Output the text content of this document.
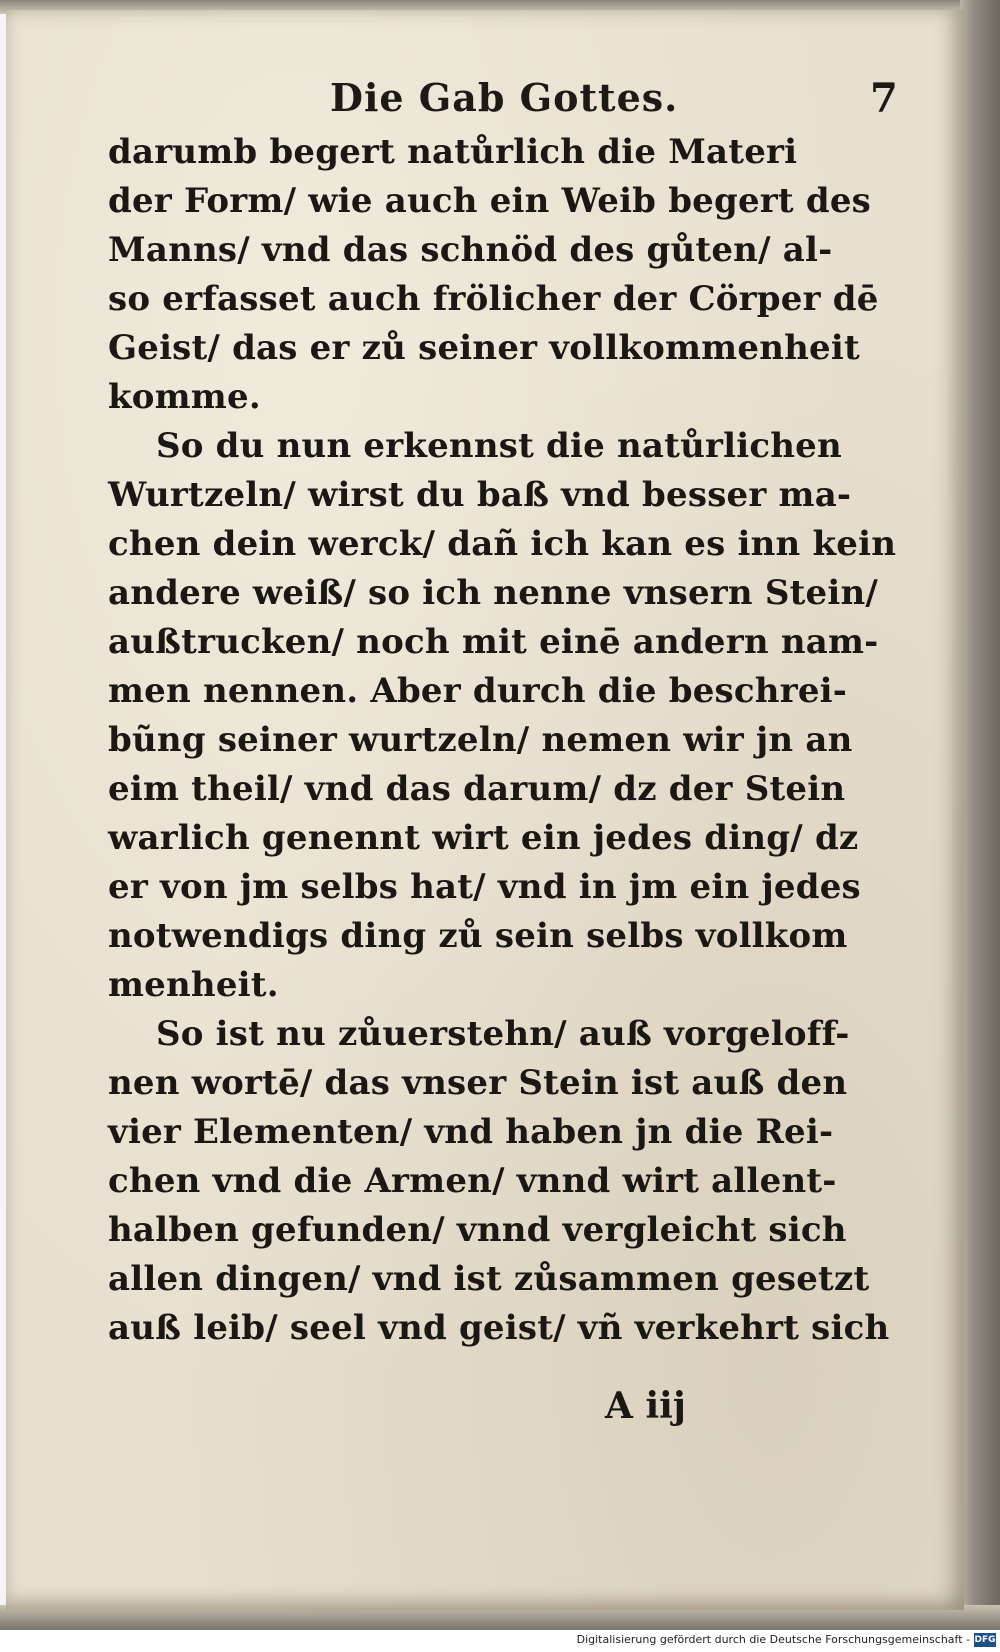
Die Gab Gottes.	7
darumb begert natůrlich die Materi
der Form/ wie auch ein Weib begert des
Manns/ vnd das schnöd des gůten/ al-
so erfasset auch frölicher der Cörper dē
Geist/ das er zů seiner vollkommenheit
komme.
So du nun erkennst die natůrlichen
Wurtzeln/ wirst du baß vnd besser ma-
chen dein werck/ dañ ich kan es inn kein
andere weiß/ so ich nenne vnsern Stein/
außtrucken/ noch mit einē andern nam-
men nennen. Aber durch die beschrei-
bũng seiner wurtzeln/ nemen wir jn an
eim theil/ vnd das darum/ dz der Stein
warlich genennt wirt ein jedes ding/ dz
er von jm selbs hat/ vnd in jm ein jedes
notwendigs ding zů sein selbs vollkom
menheit.
So ist nu zůuerstehn/ auß vorgeloff-
nen wortē/ das vnser Stein ist auß den
vier Elementen/ vnd haben jn die Rei-
chen vnd die Armen/ vnnd wirt allent-
halben gefunden/ vnnd vergleicht sich
allen dingen/ vnd ist zůsammen gesetzt
auß leib/ seel vnd geist/ vñ verkehrt sich
A iij
Digitalisierung gefördert durch die Deutsche Forschungsgemeinschaft - DFG
